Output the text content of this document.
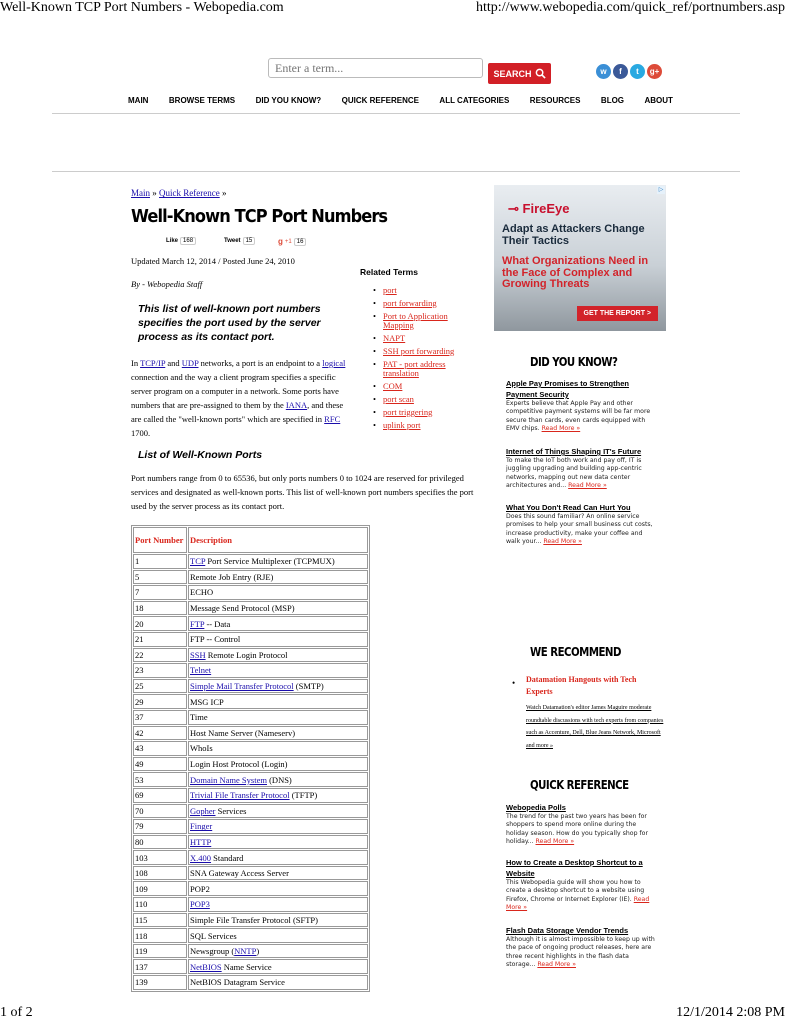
Well-Known TCP Port Numbers - Webopedia.com	http://www.webopedia.com/quick_ref/portnumbers.asp
1 of 2	12/1/2014 2:08 PM
Enter a term...
SEARCH	w	f	t	g+
MAIN	BROWSE TERMS	DID YOU KNOW?	QUICK REFERENCE	ALL CATEGORIES	RESOURCES	BLOG	ABOUT
Main » Quick Reference »
Well-Known TCP Port Numbers
Like 168	Tweet 15	g +1 16
Updated March 12, 2014 / Posted June 24, 2010
By - Webopedia Staff
This list of well-known port numbers specifies the port used by the server process as its contact port.
In TCP/IP and UDP networks, a port is an endpoint to a logical connection and the way a client program specifies a specific server program on a computer in a network. Some ports have numbers that are pre-assigned to them by the IANA, and these are called the "well-known ports" which are specified in RFC 1700.
List of Well-Known Ports
Port numbers range from 0 to 65536, but only ports numbers 0 to 1024 are reserved for privileged services and designated as well-known ports. This list of well-known port numbers specifies the port used by the server process as its contact port.
Related Terms
• port
• port forwarding
• Port to Application Mapping
• NAPT
• SSH port forwarding
• PAT - port address translation
• COM
• port scan
• port triggering
• uplink port
Port Number	Description
1	TCP Port Service Multiplexer (TCPMUX)
5	Remote Job Entry (RJE)
7	ECHO
18	Message Send Protocol (MSP)
20	FTP -- Data
21	FTP -- Control
22	SSH Remote Login Protocol
23	Telnet
25	Simple Mail Transfer Protocol (SMTP)
29	MSG ICP
37	Time
42	Host Name Server (Nameserv)
43	WhoIs
49	Login Host Protocol (Login)
53	Domain Name System (DNS)
69	Trivial File Transfer Protocol (TFTP)
70	Gopher Services
79	Finger
80	HTTP
103	X.400 Standard
108	SNA Gateway Access Server
109	POP2
110	POP3
115	Simple File Transfer Protocol (SFTP)
118	SQL Services
119	Newsgroup (NNTP)
137	NetBIOS Name Service
139	NetBIOS Datagram Service
▷
⊸ FireEye
Adapt as Attackers Change Their Tactics
What Organizations Need in the Face of Complex and Growing Threats
GET THE REPORT >
DID YOU KNOW?
Apple Pay Promises to Strengthen Payment Security
Experts believe that Apple Pay and other competitive payment systems will be far more secure than cards, even cards equipped with EMV chips. Read More »
Internet of Things Shaping IT's Future
To make the IoT both work and pay off, IT is juggling upgrading and building app-centric networks, mapping out new data center architectures and... Read More »
What You Don't Read Can Hurt You
Does this sound familiar? An online service promises to help your small business cut costs, increase productivity, make your coffee and walk your... Read More »
WE RECOMMEND
• Datamation Hangouts with Tech Experts
Watch Datamation's editor James Maguire moderate roundtable discussions with tech experts from companies such as Accenture, Dell, Blue Jeans Network, Microsoft and more »
QUICK REFERENCE
Webopedia Polls
The trend for the past two years has been for shoppers to spend more online during the holiday season. How do you typically shop for holiday... Read More »
How to Create a Desktop Shortcut to a Website
This Webopedia guide will show you how to create a desktop shortcut to a website using Firefox, Chrome or Internet Explorer (IE). Read More »
Flash Data Storage Vendor Trends
Although it is almost impossible to keep up with the pace of ongoing product releases, here are three recent highlights in the flash data storage... Read More »
